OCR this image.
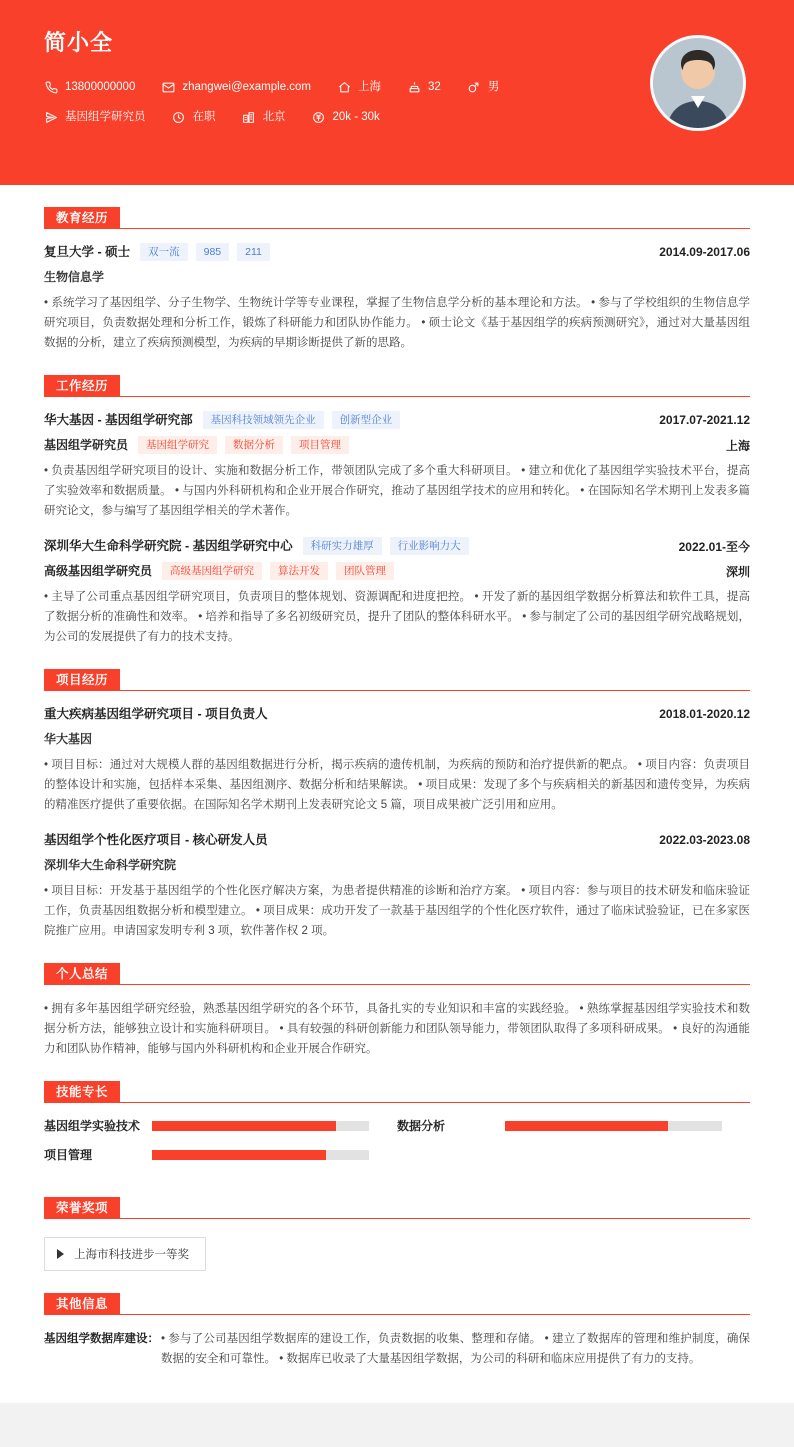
简小全
13800000000	zhangwei@example.com	上海	32	男
基因组学研究员	在职	北京	20k - 30k
教育经历
复旦大学 - 硕士	双一流	985	211	2014.09-2017.06
生物信息学
• 系统学习了基因组学、分子生物学、生物统计学等专业课程，掌握了生物信息学分析的基本理论和方法。 • 参与了学校组织的生物信息学研究项目，负责数据处理和分析工作，锻炼了科研能力和团队协作能力。 • 硕士论文《基于基因组学的疾病预测研究》，通过对大量基因组数据的分析，建立了疾病预测模型，为疾病的早期诊断提供了新的思路。
工作经历
华大基因 - 基因组学研究部	基因科技领域领先企业	创新型企业	2017.07-2021.12
基因组学研究员	基因组学研究	数据分析	项目管理	上海
• 负责基因组学研究项目的设计、实施和数据分析工作，带领团队完成了多个重大科研项目。 • 建立和优化了基因组学实验技术平台，提高了实验效率和数据质量。 • 与国内外科研机构和企业开展合作研究，推动了基因组学技术的应用和转化。 • 在国际知名学术期刊上发表多篇研究论文，参与编写了基因组学相关的学术著作。
深圳华大生命科学研究院 - 基因组学研究中心	科研实力雄厚	行业影响力大	2022.01-至今
高级基因组学研究员	高级基因组学研究	算法开发	团队管理	深圳
• 主导了公司重点基因组学研究项目，负责项目的整体规划、资源调配和进度把控。 • 开发了新的基因组学数据分析算法和软件工具，提高了数据分析的准确性和效率。 • 培养和指导了多名初级研究员，提升了团队的整体科研水平。 • 参与制定了公司的基因组学研究战略规划，为公司的发展提供了有力的技术支持。
项目经历
重大疾病基因组学研究项目 - 项目负责人	2018.01-2020.12
华大基因
• 项目目标：通过对大规模人群的基因组数据进行分析，揭示疾病的遗传机制，为疾病的预防和治疗提供新的靶点。 • 项目内容：负责项目的整体设计和实施，包括样本采集、基因组测序、数据分析和结果解读。 • 项目成果：发现了多个与疾病相关的新基因和遗传变异，为疾病的精准医疗提供了重要依据。在国际知名学术期刊上发表研究论文 5 篇，项目成果被广泛引用和应用。
基因组学个性化医疗项目 - 核心研发人员	2022.03-2023.08
深圳华大生命科学研究院
• 项目目标：开发基于基因组学的个性化医疗解决方案，为患者提供精准的诊断和治疗方案。 • 项目内容：参与项目的技术研发和临床验证工作，负责基因组数据分析和模型建立。 • 项目成果：成功开发了一款基于基因组学的个性化医疗软件，通过了临床试验验证，已在多家医院推广应用。申请国家发明专利 3 项，软件著作权 2 项。
个人总结
• 拥有多年基因组学研究经验，熟悉基因组学研究的各个环节，具备扎实的专业知识和丰富的实践经验。 • 熟练掌握基因组学实验技术和数据分析方法，能够独立设计和实施科研项目。 • 具有较强的科研创新能力和团队领导能力，带领团队取得了多项科研成果。 • 良好的沟通能力和团队协作精神，能够与国内外科研机构和企业开展合作研究。
技能专长
基因组学实验技术	数据分析
项目管理
荣誉奖项
上海市科技进步一等奖
其他信息
基因组学数据库建设： • 参与了公司基因组学数据库的建设工作，负责数据的收集、整理和存储。 • 建立了数据库的管理和维护制度，确保数据的安全和可靠性。 • 数据库已收录了大量基因组学数据，为公司的科研和临床应用提供了有力的支持。
